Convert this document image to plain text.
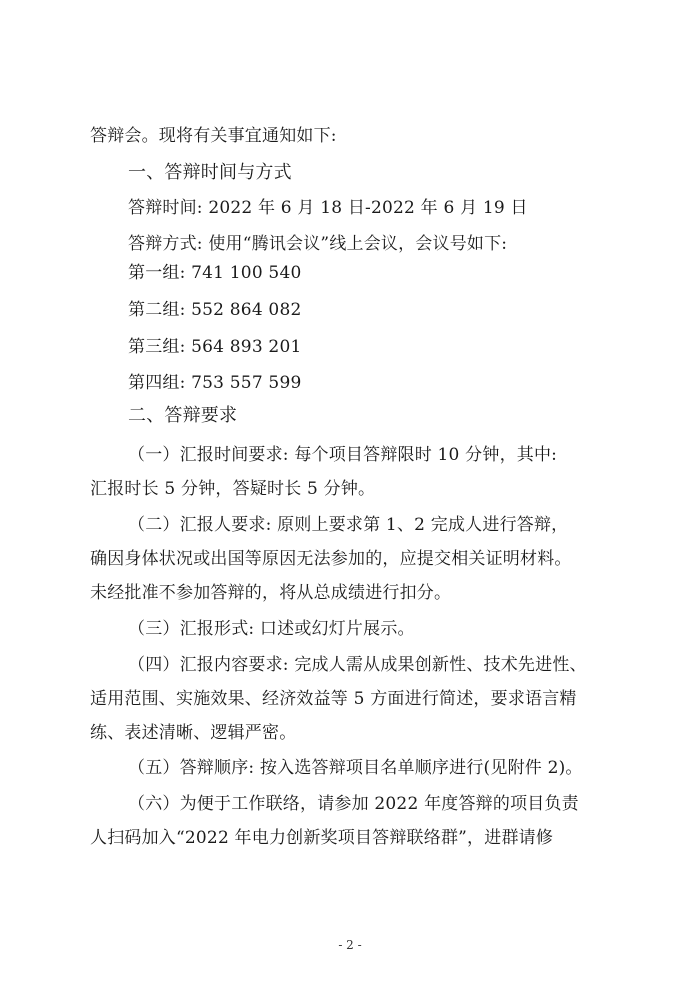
答辩会。现将有关事宜通知如下:
一、答辩时间与方式
答辩时间: 2022 年 6 月 18 日-2022 年 6 月 19 日
答辩方式: 使用“腾讯会议”线上会议，会议号如下:
第一组: 741 100 540
第二组: 552 864 082
第三组: 564 893 201
第四组: 753 557 599
二、答辩要求
（一）汇报时间要求: 每个项目答辩限时 10 分钟，其中:
汇报时长 5 分钟，答疑时长 5 分钟。
（二）汇报人要求: 原则上要求第 1、2 完成人进行答辩，
确因身体状况或出国等原因无法参加的，应提交相关证明材料。
未经批准不参加答辩的，将从总成绩进行扣分。
（三）汇报形式: 口述或幻灯片展示。
（四）汇报内容要求: 完成人需从成果创新性、技术先进性、
适用范围、实施效果、经济效益等 5 方面进行简述，要求语言精
练、表述清晰、逻辑严密。
（五）答辩顺序: 按入选答辩项目名单顺序进行(见附件 2)。
（六）为便于工作联络，请参加 2022 年度答辩的项目负责
人扫码加入“2022 年电力创新奖项目答辩联络群”，进群请修
- 2 -
